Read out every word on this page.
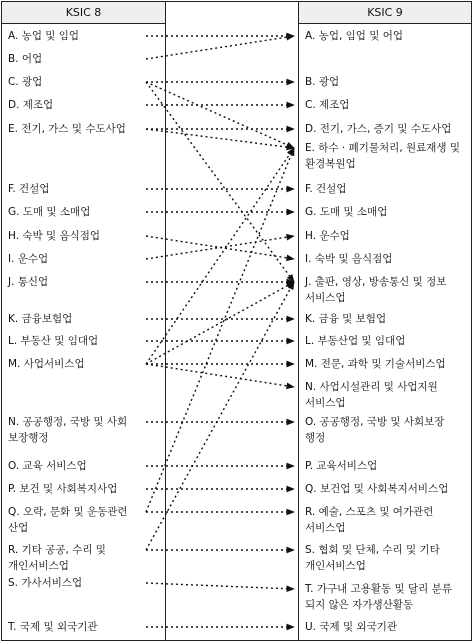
KSIC 8	KSIC 9
A. 농업 및 임업
B. 어업
C. 광업
D. 제조업
E. 전기, 가스 및 수도사업
F. 건설업
G. 도매 및 소매업
H. 숙박 및 음식점업
I. 운수업
J. 통신업
K. 금융보험업
L. 부동산 및 임대업
M. 사업서비스업
N. 공공행정, 국방 및 사회
보장행정
O. 교육 서비스업
P. 보건 및 사회복지사업
Q. 오락, 문화 및 운동관련
산업
R. 기타 공공, 수리 및
개인서비스업
S. 가사서비스업
T. 국제 및 외국기관
A. 농업, 임업 및 어업
B. 광업
C. 제조업
D. 전기, 가스, 증기 및 수도사업
E. 하수 · 폐기물처리, 원료재생 및
환경복원업
F. 건설업
G. 도매 및 소매업
H. 운수업
I. 숙박 및 음식점업
J. 출판, 영상, 방송통신 및 정보
서비스업
K. 금융 및 보험업
L. 부동산업 및 임대업
M. 전문, 과학 및 기술서비스업
N. 사업시설관리 및 사업지원
서비스업
O. 공공행정, 국방 및 사회보장
행정
P. 교육서비스업
Q. 보건업 및 사회복지서비스업
R. 예술, 스포츠 및 여가관련
서비스업
S. 협회 및 단체, 수리 및 기타
개인서비스업
T. 가구내 고용활동 및 달리 분류
되지 않은 자가생산활동
U. 국제 및 외국기관
